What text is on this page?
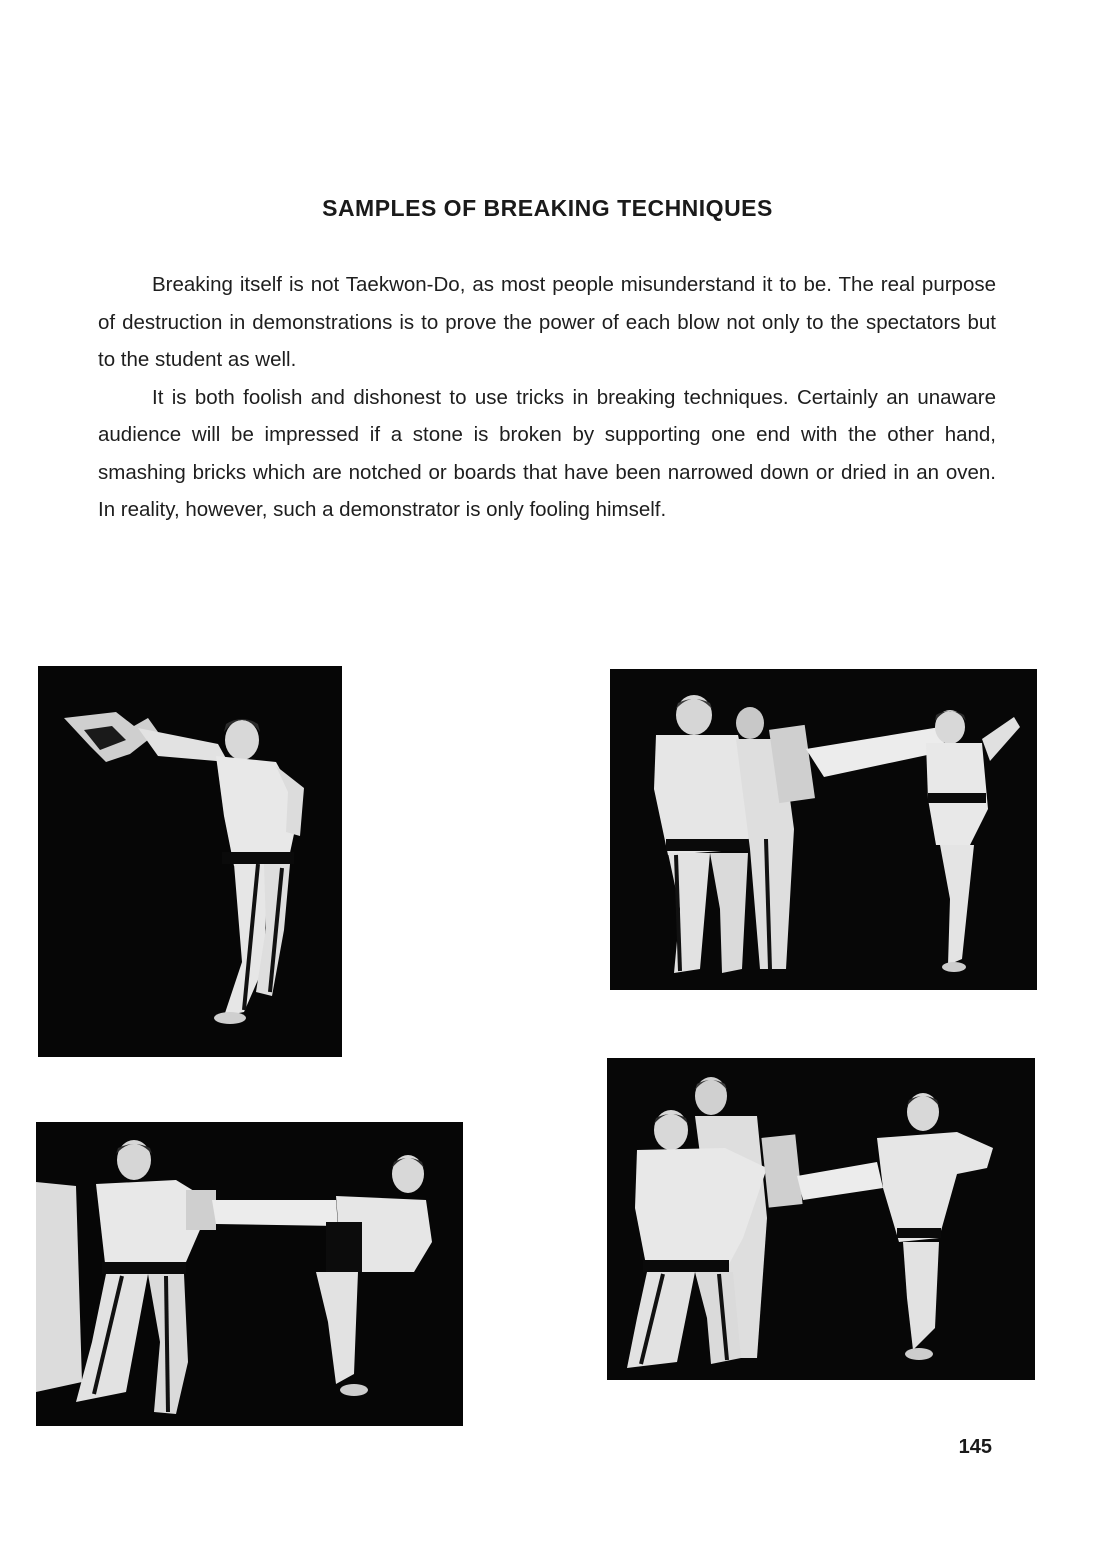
SAMPLES OF BREAKING TECHNIQUES

Breaking itself is not Taekwon-Do, as most people misunderstand it to be. The real purpose of destruction in demonstrations is to prove the power of each blow not only to the spectators but to the student as well.

It is both foolish and dishonest to use tricks in breaking techniques. Certainly an unaware audience will be impressed if a stone is broken by supporting one end with the other hand, smashing bricks which are notched or boards that have been narrowed down or dried in an oven. In reality, however, such a demonstrator is only fooling himself.

145
